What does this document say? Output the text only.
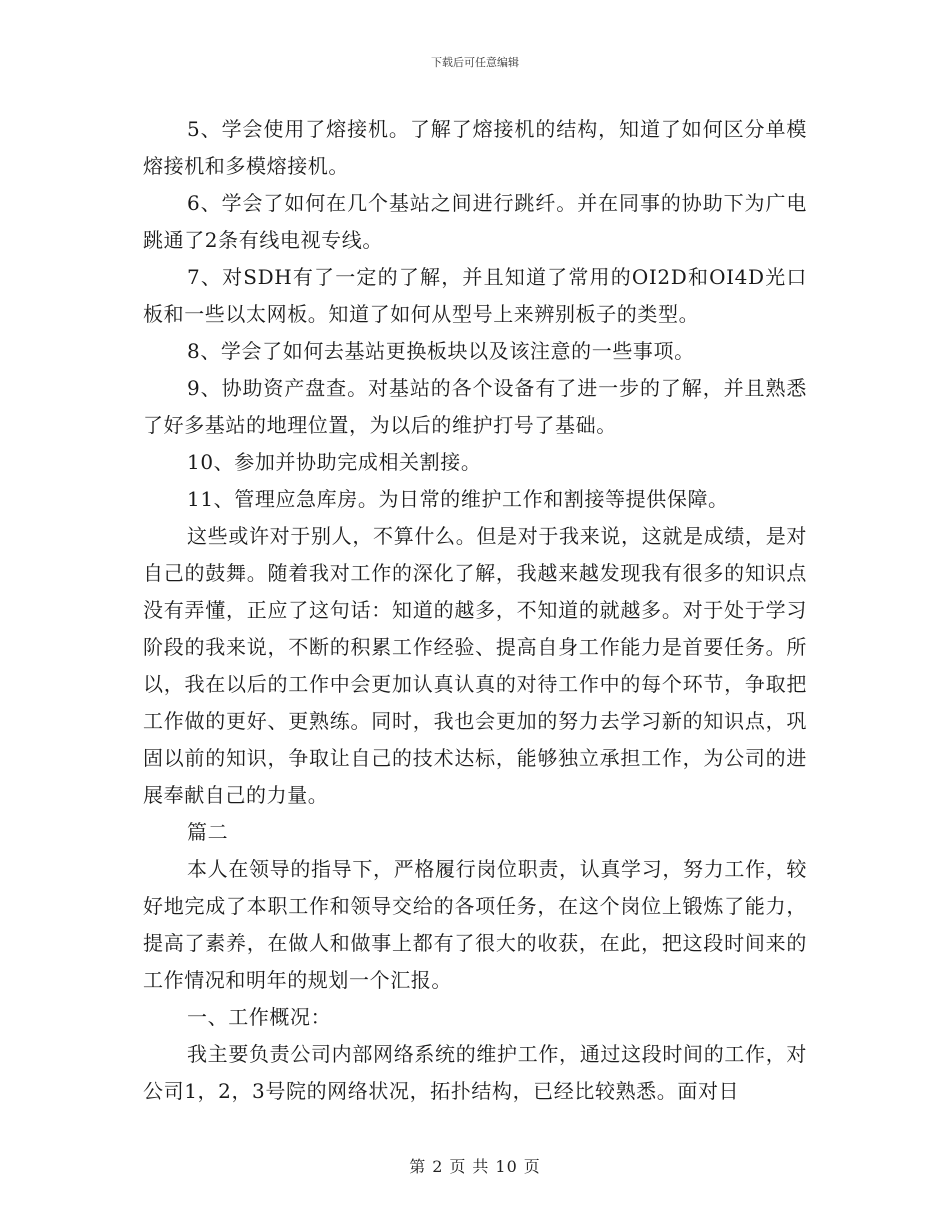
下载后可任意编辑

5、学会使用了熔接机。了解了熔接机的结构，知道了如何区分单模熔接机和多模熔接机。

6、学会了如何在几个基站之间进行跳纤。并在同事的协助下为广电跳通了2条有线电视专线。

7、对SDH有了一定的了解，并且知道了常用的OI2D和OI4D光口板和一些以太网板。知道了如何从型号上来辨别板子的类型。

8、学会了如何去基站更换板块以及该注意的一些事项。

9、协助资产盘查。对基站的各个设备有了进一步的了解，并且熟悉了好多基站的地理位置，为以后的维护打号了基础。

10、参加并协助完成相关割接。

11、管理应急库房。为日常的维护工作和割接等提供保障。

这些或许对于别人，不算什么。但是对于我来说，这就是成绩，是对自己的鼓舞。随着我对工作的深化了解，我越来越发现我有很多的知识点没有弄懂，正应了这句话：知道的越多，不知道的就越多。对于处于学习阶段的我来说，不断的积累工作经验、提高自身工作能力是首要任务。所以，我在以后的工作中会更加认真认真的对待工作中的每个环节，争取把工作做的更好、更熟练。同时，我也会更加的努力去学习新的知识点，巩固以前的知识，争取让自己的技术达标，能够独立承担工作，为公司的进展奉献自己的力量。

篇二

本人在领导的指导下，严格履行岗位职责，认真学习，努力工作，较好地完成了本职工作和领导交给的各项任务，在这个岗位上锻炼了能力，提高了素养，在做人和做事上都有了很大的收获，在此，把这段时间来的工作情况和明年的规划一个汇报。

一、工作概况：

我主要负责公司内部网络系统的维护工作，通过这段时间的工作，对公司1，2，3号院的网络状况，拓扑结构，已经比较熟悉。面对日

第 2 页 共 10 页
